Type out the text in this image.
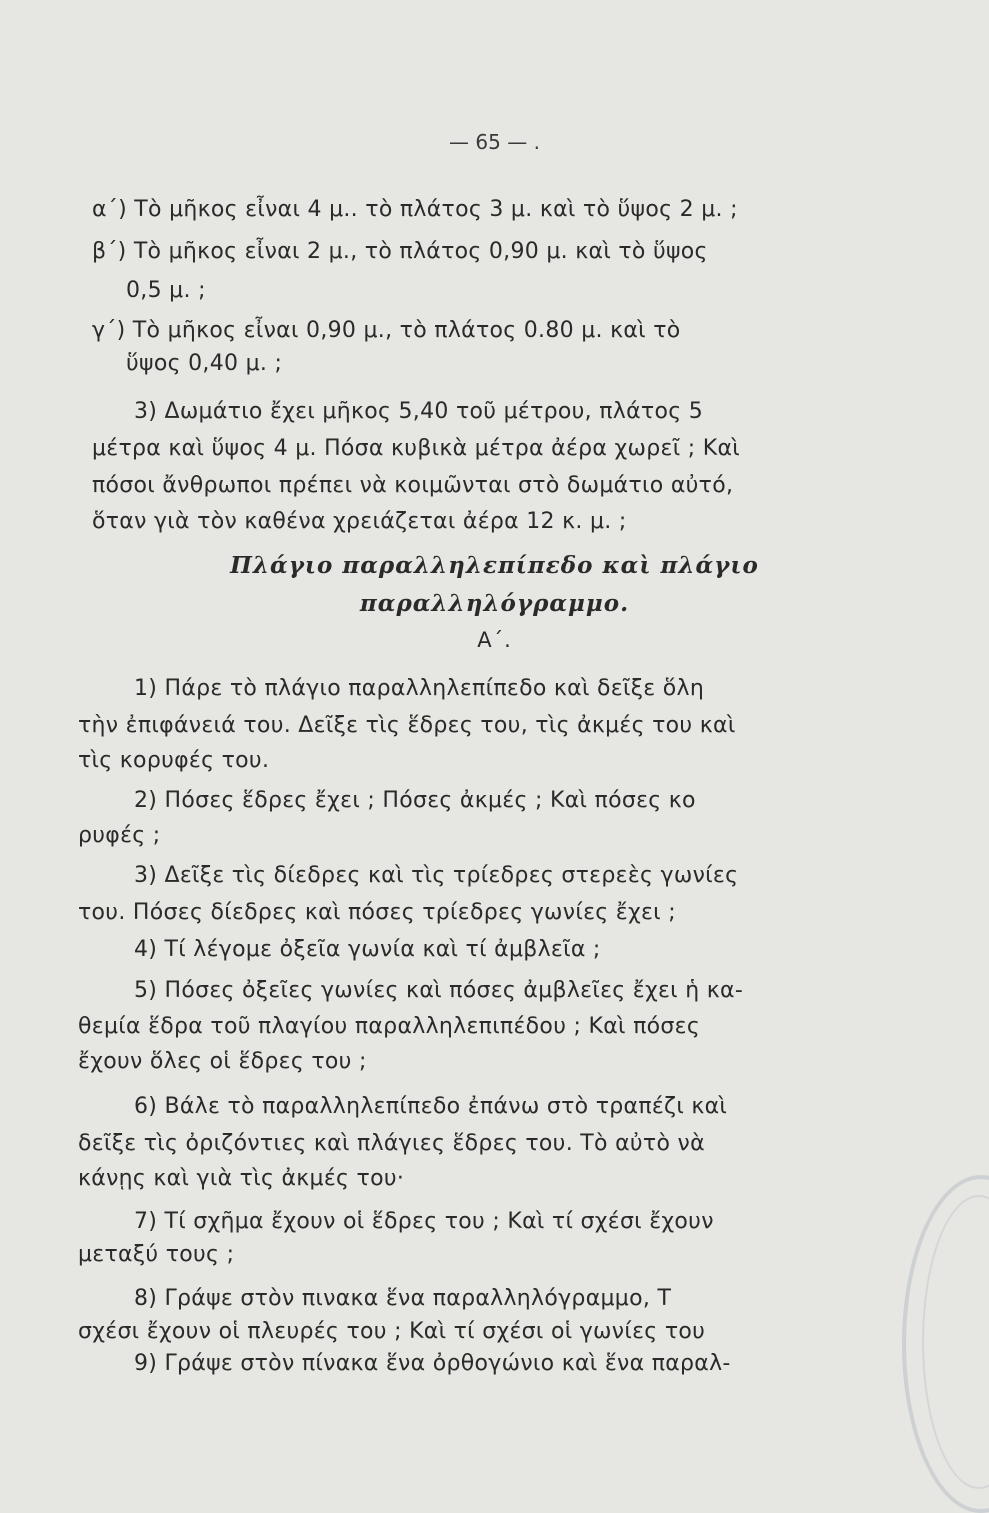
— 65 — .
α΄) Τὸ μῆκος εἶναι 4 μ.. τὸ πλάτος 3 μ. καὶ τὸ ὕψος 2 μ. ;
β΄) Τὸ μῆκος εἶναι 2 μ., τὸ πλάτος 0,90 μ. καὶ τὸ ὕψος
0,5 μ. ;
γ΄) Τὸ μῆκος εἶναι 0,90 μ., τὸ πλάτος 0.80 μ. καὶ τὸ
ὕψος 0,40 μ. ;
3) Δωμάτιο ἔχει μῆκος 5,40 τοῦ μέτρου, πλάτος 5
μέτρα καὶ ὕψος 4 μ. Πόσα κυβικὰ μέτρα ἀέρα χωρεῖ ; Καὶ
πόσοι ἄνθρωποι πρέπει νὰ κοιμῶνται στὸ δωμάτιο αὐτό,
ὅταν γιὰ τὸν καθένα χρειάζεται ἀέρα 12 κ. μ. ;
Πλάγιο παραλληλεπίπεδο καὶ πλάγιο
παραλληλόγραμμο.
Α΄.
1) Πάρε τὸ πλάγιο παραλληλεπίπεδο καὶ δεῖξε ὅλη
τὴν ἐπιφάνειά του. Δεῖξε τὶς ἕδρες του, τὶς ἀκμές του καὶ
τὶς κορυφές του.
2) Πόσες ἕδρες ἔχει ; Πόσες ἀκμές ; Καὶ πόσες κο
ρυφές ;
3) Δεῖξε τὶς δίεδρες καὶ τὶς τρίεδρες στερεὲς γωνίες
του. Πόσες δίεδρες καὶ πόσες τρίεδρες γωνίες ἔχει ;
4) Τί λέγομε ὀξεῖα γωνία καὶ τί ἀμβλεῖα ;
5) Πόσες ὀξεῖες γωνίες καὶ πόσες ἀμβλεῖες ἔχει ἡ κα-
θεμία ἕδρα τοῦ πλαγίου παραλληλεπιπέδου ; Καὶ πόσες
ἔχουν ὅλες οἱ ἕδρες του ;
6) Βάλε τὸ παραλληλεπίπεδο ἐπάνω στὸ τραπέζι καὶ
δεῖξε τὶς ὀριζόντιες καὶ πλάγιες ἕδρες του. Τὸ αὐτὸ νὰ
κάνῃς καὶ γιὰ τὶς ἀκμές του·
7) Τί σχῆμα ἔχουν οἱ ἕδρες του ; Καὶ τί σχέσι ἔχουν
μεταξύ τους ;
8) Γράψε στὸν πινακα ἕνα παραλληλόγραμμο, Τ
σχέσι ἔχουν οἱ πλευρές του ; Καὶ τί σχέσι οἱ γωνίες του
9) Γράψε στὸν πίνακα ἕνα ὀρθογώνιο καὶ ἕνα παραλ-
